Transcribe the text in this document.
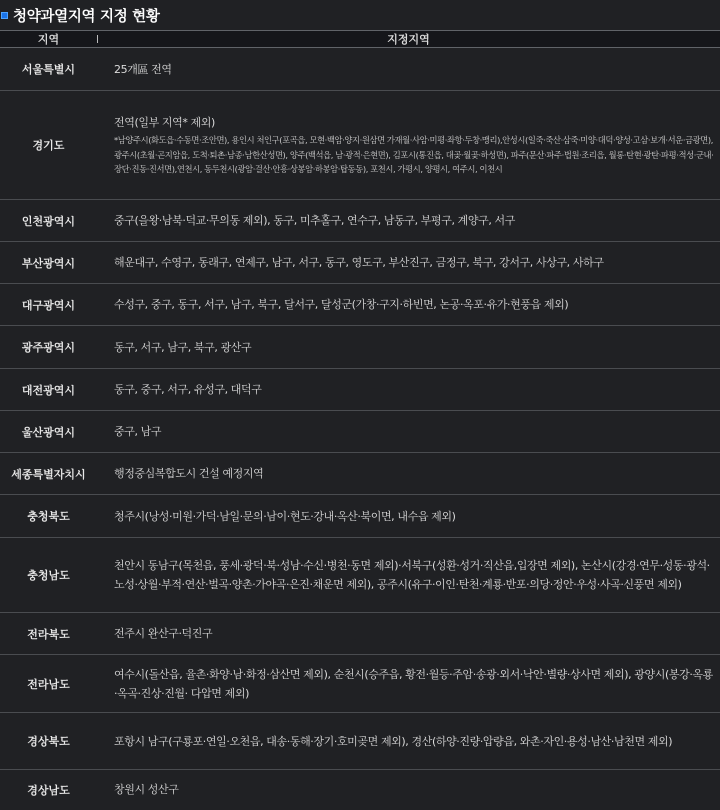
청약과열지역 지정 현황
지역	지정지역
서울특별시	25개區 전역
경기도	전역(일부 지역* 제외)
*남양주시(화도읍·수동면·조안면), 용인시 처인구(포곡읍, 모현·백암·양지·원삼면 가재월·사암·미평·좌항·두창·맹리),안성시(일죽·죽산·삼죽·미양·대덕·양성·고삼·보개·서운·금광면),광주시(초월·곤지암읍, 도척·퇴촌·남종·남한산성면), 양주(백석읍, 남·광적·은현면), 김포시(통진읍, 대곶·월곶·하성면), 파주(문산·파주·법원·조리읍, 월롱·탄현·광탄·파평·적성·군내·장단·진동·진서면),연천시, 동두천시(광암·걸산·안흥·상봉암·하봉암·탑동동), 포천시, 가평시, 양평시, 여주시, 이천시

인천광역시	중구(을왕·남북·덕교·무의동 제외), 동구, 미추홀구, 연수구, 남동구, 부평구, 계양구, 서구
부산광역시	해운대구, 수영구, 동래구, 연제구, 남구, 서구, 동구, 영도구, 부산진구, 금정구, 북구, 강서구, 사상구, 사하구
대구광역시	수성구, 중구, 동구, 서구, 남구, 북구, 달서구, 달성군(가창·구지·하빈면, 논공·옥포·유가·현풍읍 제외)
광주광역시	동구, 서구, 남구, 북구, 광산구
대전광역시	동구, 중구, 서구, 유성구, 대덕구
울산광역시	중구, 남구
세종특별자치시	행정중심복합도시 건설 예정지역
충청북도	청주시(낭성·미원·가덕·남일·문의·남이·현도·강내·옥산·북이면, 내수읍 제외)
충청남도	천안시 동남구(목천읍, 풍세·광덕·북·성남·수신·병천·동면 제외)·서북구(성환·성거·직산읍,입장면 제외), 논산시(강경·연무·성동·광석·노성·상월·부적·연산·벌곡·양촌·가야곡·은진·채운면 제외), 공주시(유구·이인·탄천·계룡·반포·의당·정안·우성·사곡·신풍면 제외)
전라북도	전주시 완산구·덕진구
전라남도	여수시(돌산읍, 율촌·화양·남·화정·삼산면 제외), 순천시(승주읍, 황전·월등·주암·송광·외서·낙안·별량·상사면 제외), 광양시(봉강·옥룡·옥곡·진상·진월· 다압면 제외)
경상북도	포항시 남구(구룡포·연일·오천읍, 대송·동해·장기·호미곶면 제외), 경산(하양·진량·압량읍, 와촌·자인·용성·남산·남천면 제외)
경상남도	창원시 성산구
